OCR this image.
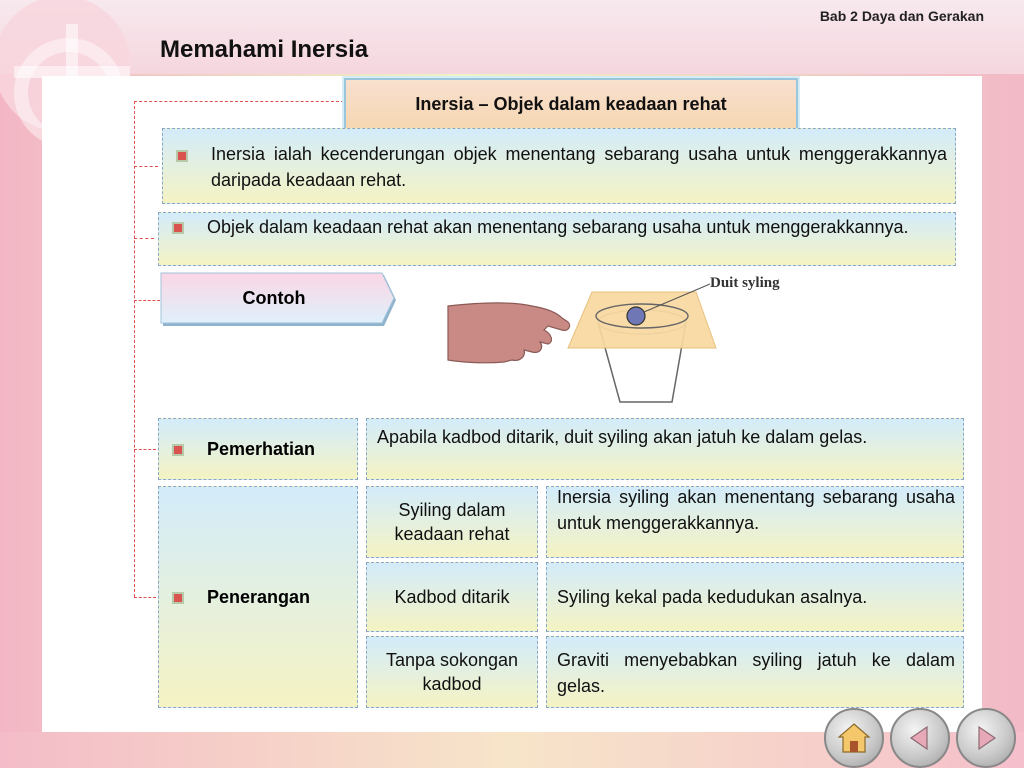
Bab 2 Daya dan Gerakan
Memahami Inersia
Inersia – Objek dalam keadaan rehat
Inersia ialah kecenderungan objek menentang sebarang usaha untuk menggerakkannya daripada keadaan rehat.
Objek dalam keadaan rehat akan menentang sebarang usaha untuk menggerakkannya.
Contoh
Duit syling
Pemerhatian
Apabila kadbod ditarik, duit syiling akan jatuh ke dalam gelas.
Penerangan
Syiling dalam keadaan rehat
Inersia syiling akan menentang sebarang usaha untuk menggerakkannya.
Kadbod ditarik	Syiling kekal pada kedudukan asalnya.
Tanpa sokongan kadbod
Graviti menyebabkan syiling jatuh ke dalam gelas.
